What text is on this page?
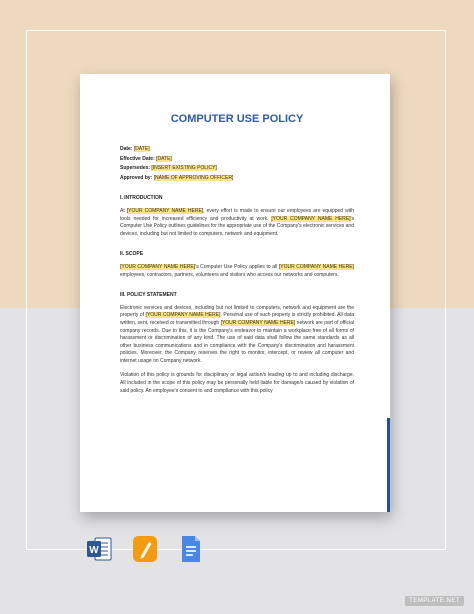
COMPUTER USE POLICY
Date: [DATE]
Effective Date: [DATE]
Supersedes: [INSERT EXISTING POLICY]
Approved by: [NAME OF APPROVING OFFICER]
I. INTRODUCTION
At [YOUR COMPANY NAME HERE], every effort is made to ensure our employees are equipped with tools needed for increased efficiency and productivity at work. [YOUR COMPANY NAME HERE]'s Computer Use Policy outlines guidelines for the appropriate use of the Company's electronic services and devices, including but not limited to computers, network and equipment.
II. SCOPE
[YOUR COMPANY NAME HERE]'s Computer Use Policy applies to all [YOUR COMPANY NAME HERE] employees, contractors, partners, volunteers and visitors who access our networks and computers.
III. POLICY STATEMENT
Electronic services and devices, including but not limited to computers, network and equipment are the property of [YOUR COMPANY NAME HERE]. Personal use of such property is strictly prohibited. All data written, sent, received or transmitted through [YOUR COMPANY NAME HERE] network are part of official company records. Due to this, it is the Company's endeavor to maintain a workplace free of all forms of harassment or discrimination of any kind. The use of said data shall follow the same standards as all other business communications and in compliance with the Company's discrimination and harassment policies. Moreover, the Company reserves the right to monitor, intercept, or review all computer and internet usage on Company network.
Violation of this policy is grounds for disciplinary or legal action/s leading up to and including discharge. All included in the scope of this policy may be personally held liable for damage/s caused by violation of said policy. An employee's consent to and compliance with this policy
W
TEMPLATE.NET
